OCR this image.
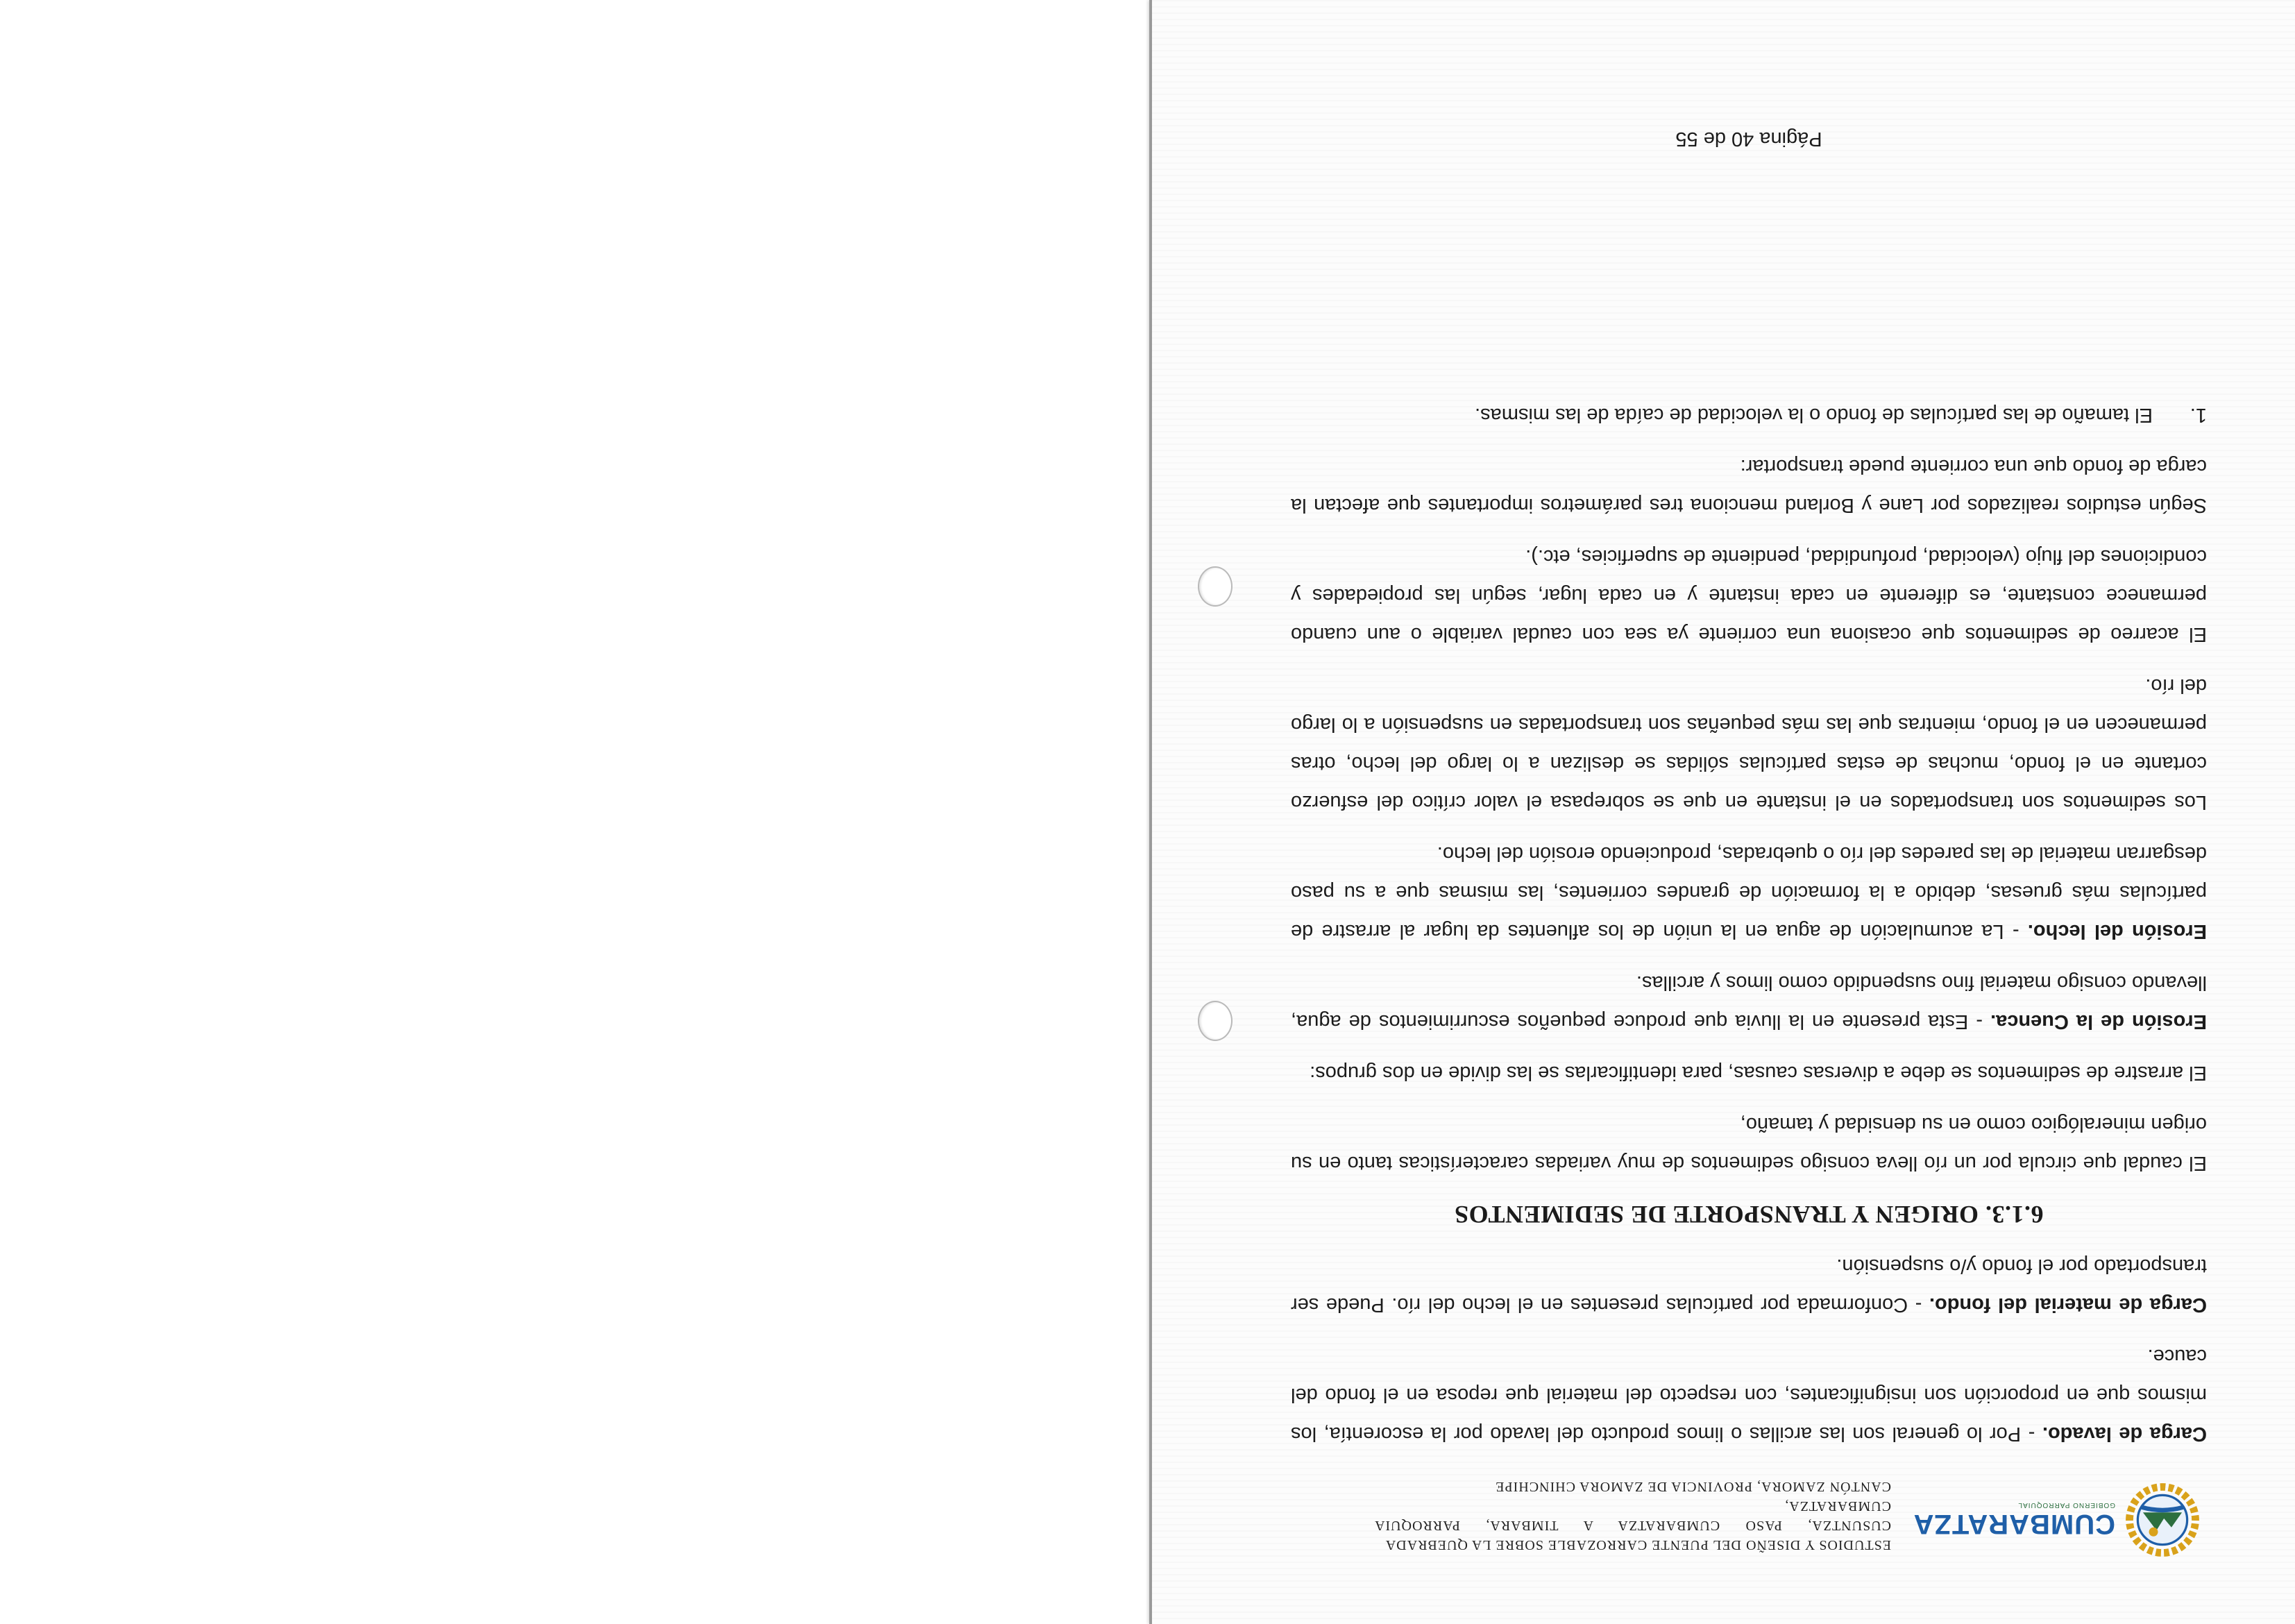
CUMBARATZA
GOBIERNO PARROQUIAL
ESTUDIOS Y DISEÑO DEL PUENTE CARROZABLE SOBRE LA QUEBRADA
CUSUNTZA, PASO CUMBARATZA A TIMBARA, PARROQUIA CUMBARATZA,
CANTÓN ZAMORA, PROVINCIA DE ZAMORA CHINCHIPE

Carga de lavado. - Por lo general son las arcillas o limos producto del lavado por la escorentía, los mismos que en proporción son insignificantes, con respecto del material que reposa en el fondo del cauce.

Carga de material del fondo. - Conformada por partículas presentes en el lecho del río. Puede ser transportado por el fondo y/o suspensión.

6.1.3. ORIGEN Y TRANSPORTE DE SEDIMENTOS

El caudal que circula por un río lleva consigo sedimentos de muy variadas características tanto en su origen mineralógico como en su densidad y tamaño,

El arrastre de sedimentos se debe a diversas causas, para identificarlas se las divide en dos grupos:

Erosión de la Cuenca. - Esta presente en la lluvia que produce pequeños escurrimientos de agua, llevando consigo material fino suspendido como limos y arcillas.

Erosión del lecho. - La acumulación de agua en la unión de los afluentes da lugar al arrastre de partículas más gruesas, debido a la formación de grandes corrientes, las mismas que a su paso desgarran material de las paredes del río o quebradas, produciendo erosión del lecho.

Los sedimentos son transportados en el instante en que se sobrepasa el valor crítico del esfuerzo cortante en el fondo, muchas de estas partículas sólidas se deslizan a lo largo del lecho, otras permanecen en el fondo, mientras que las más pequeñas son transportadas en suspensión a lo largo del río.

El acarreo de sedimentos que ocasiona una corriente ya sea con caudal variable o aun cuando permanece constante, es diferente en cada instante y en cada lugar, según las propiedades y condiciones del flujo (velocidad, profundidad, pendiente de superficies, etc.).

Según estudios realizados por Lane y Borland menciona tres parámetros importantes que afectan la carga de fondo que una corriente puede transportar:

1.
El tamaño de las partículas de fondo o la velocidad de caída de las mismas.
Página 40 de 55
